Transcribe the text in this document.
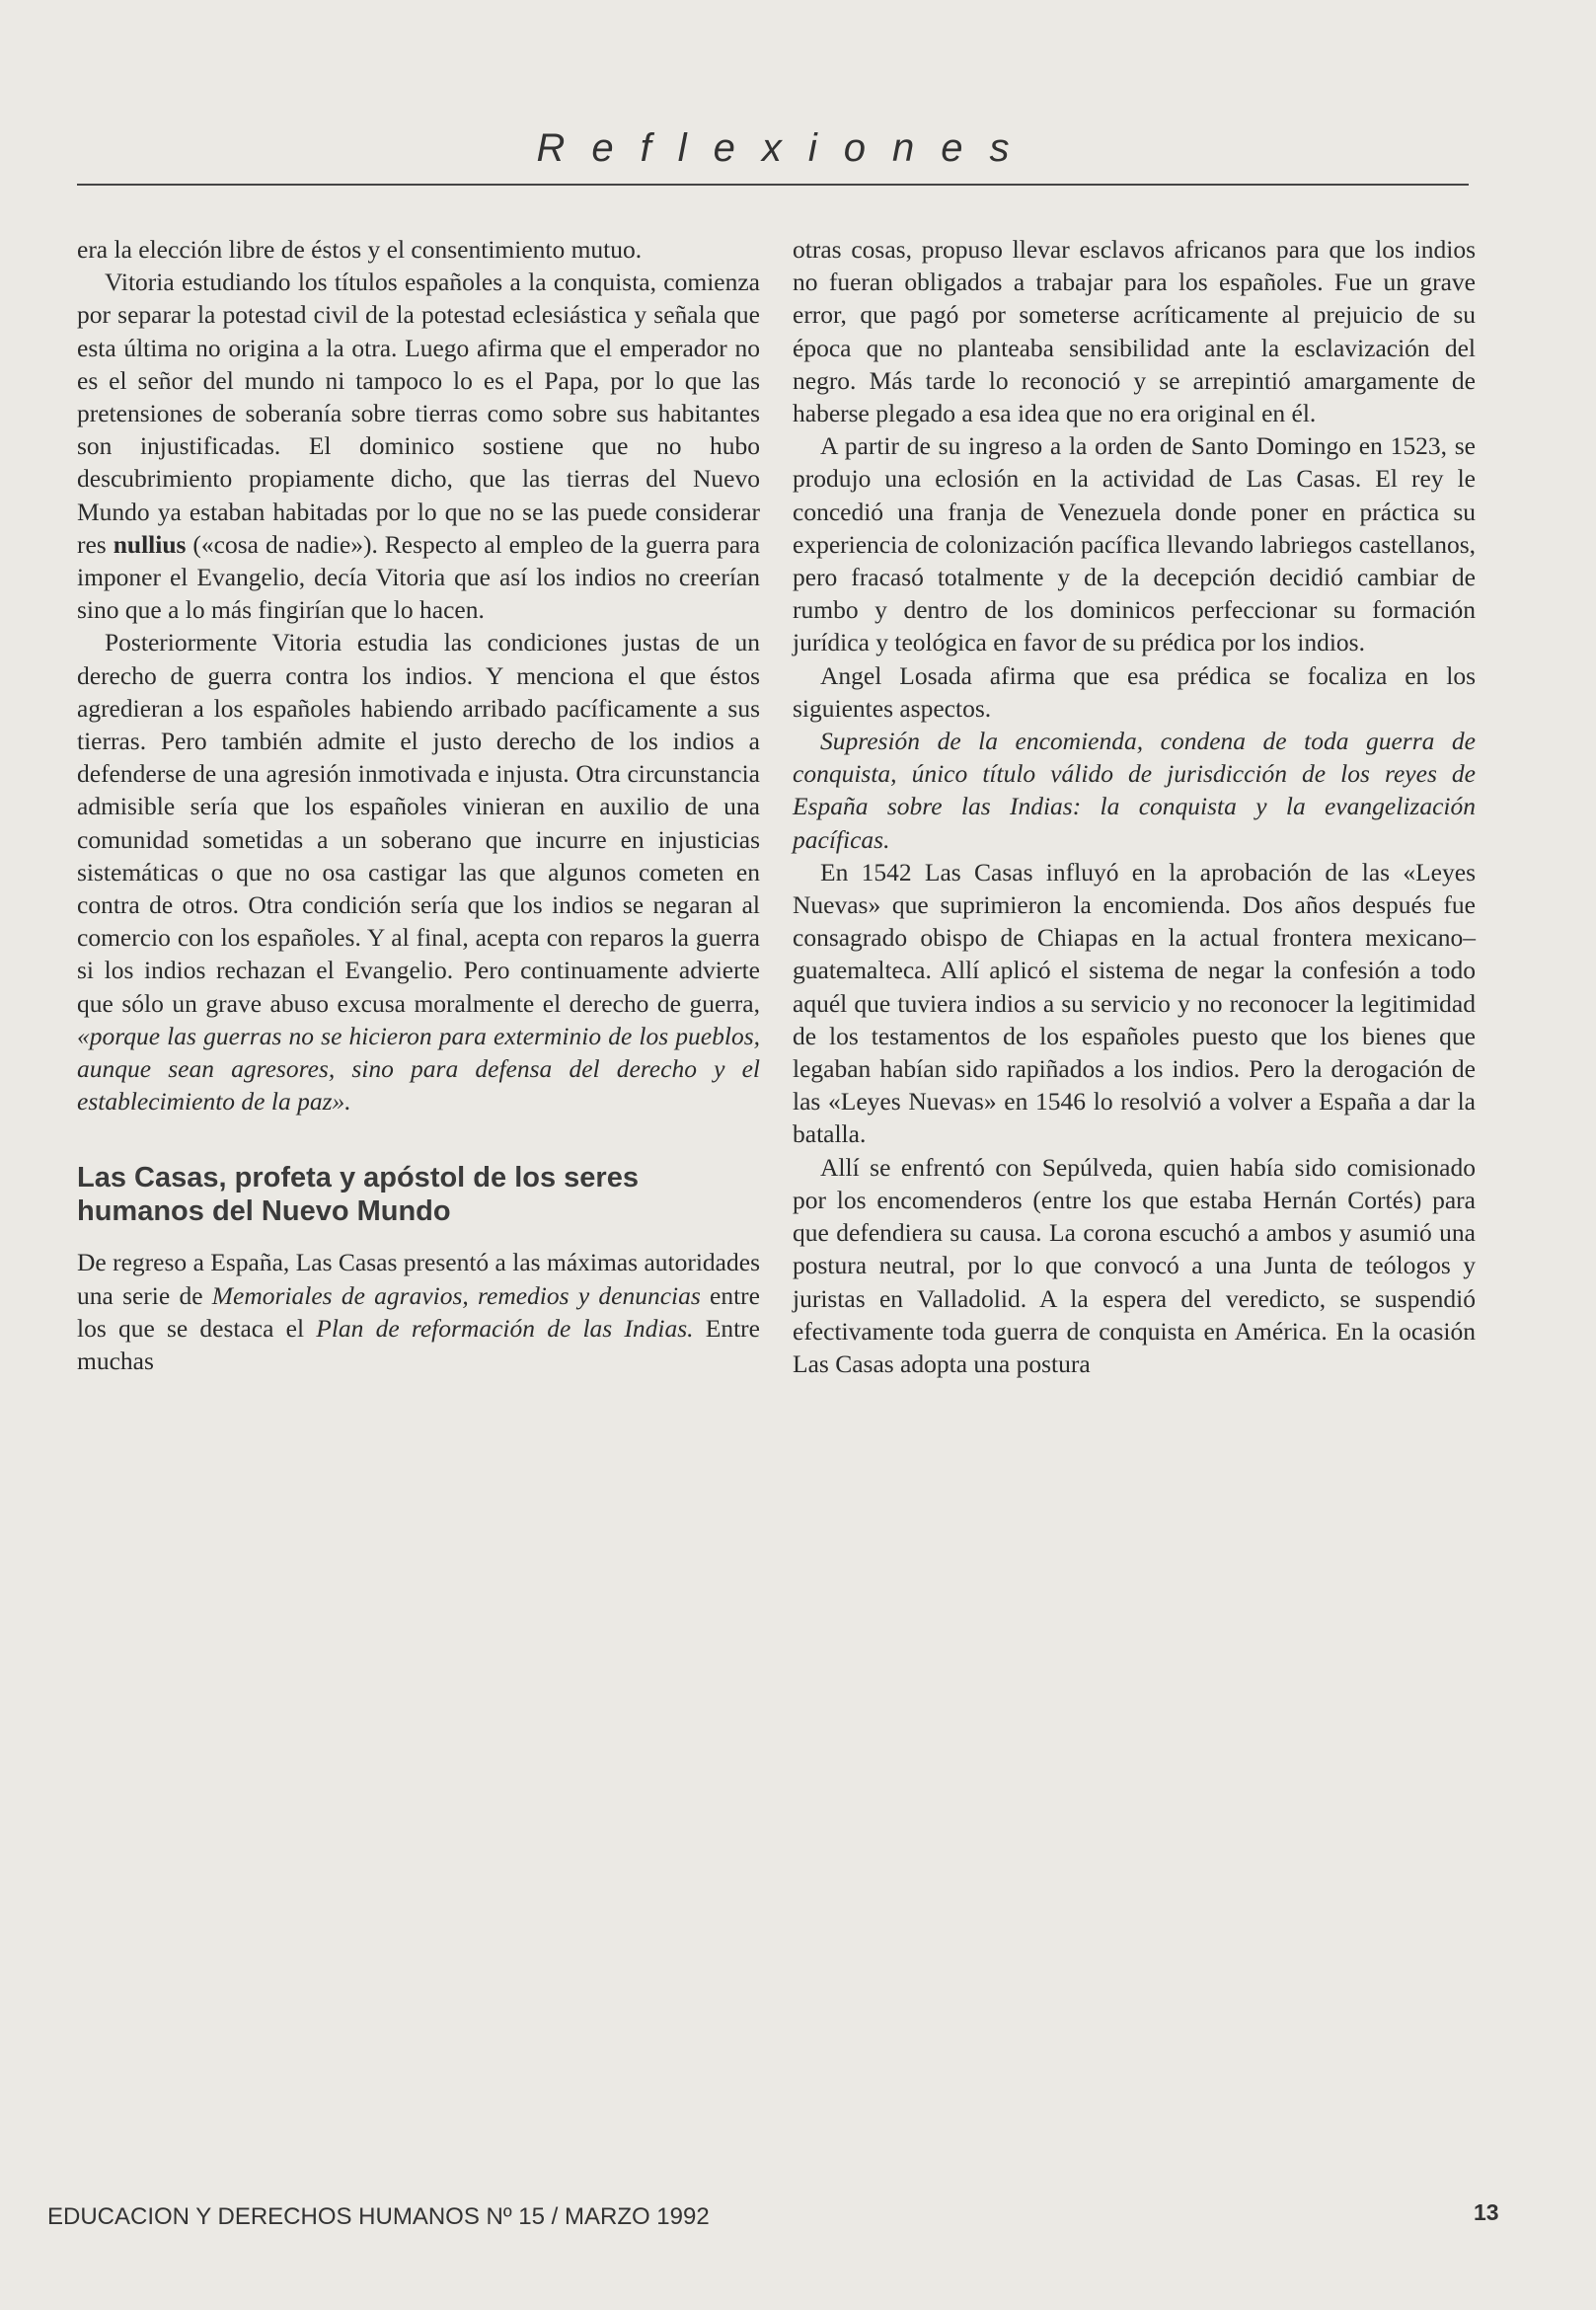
Reflexiones

era la elección libre de éstos y el consentimiento mutuo.

Vitoria estudiando los títulos españoles a la conquista, comienza por separar la potestad civil de la potestad eclesiástica y señala que esta última no origina a la otra. Luego afirma que el emperador no es el señor del mundo ni tampoco lo es el Papa, por lo que las pretensiones de soberanía sobre tierras como sobre sus habitantes son injustificadas. El dominico sostiene que no hubo descubrimiento propiamente dicho, que las tierras del Nuevo Mundo ya estaban habitadas por lo que no se las puede considerar res nullius («cosa de nadie»). Respecto al empleo de la guerra para imponer el Evangelio, decía Vitoria que así los indios no creerían sino que a lo más fingirían que lo hacen.

Posteriormente Vitoria estudia las condiciones justas de un derecho de guerra contra los indios. Y menciona el que éstos agredieran a los españoles habiendo arribado pacíficamente a sus tierras. Pero también admite el justo derecho de los indios a defenderse de una agresión inmotivada e injusta. Otra circunstancia admisible sería que los españoles vinieran en auxilio de una comunidad sometidas a un soberano que incurre en injusticias sistemáticas o que no osa castigar las que algunos cometen en contra de otros. Otra condición sería que los indios se negaran al comercio con los españoles. Y al final, acepta con reparos la guerra si los indios rechazan el Evangelio. Pero continuamente advierte que sólo un grave abuso excusa moralmente el derecho de guerra, «porque las guerras no se hicieron para exterminio de los pueblos, aunque sean agresores, sino para defensa del derecho y el establecimiento de la paz».

Las Casas, profeta y apóstol de los seres humanos del Nuevo Mundo

De regreso a España, Las Casas presentó a las máximas autoridades una serie de Memoriales de agravios, remedios y denuncias entre los que se destaca el Plan de reformación de las Indias. Entre muchas

otras cosas, propuso llevar esclavos africanos para que los indios no fueran obligados a trabajar para los españoles. Fue un grave error, que pagó por someterse acríticamente al prejuicio de su época que no planteaba sensibilidad ante la esclavización del negro. Más tarde lo reconoció y se arrepintió amargamente de haberse plegado a esa idea que no era original en él.

A partir de su ingreso a la orden de Santo Domingo en 1523, se produjo una eclosión en la actividad de Las Casas. El rey le concedió una franja de Venezuela donde poner en práctica su experiencia de colonización pacífica llevando labriegos castellanos, pero fracasó totalmente y de la decepción decidió cambiar de rumbo y dentro de los dominicos perfeccionar su formación jurídica y teológica en favor de su prédica por los indios.

Angel Losada afirma que esa prédica se focaliza en los siguientes aspectos.

Supresión de la encomienda, condena de toda guerra de conquista, único título válido de jurisdicción de los reyes de España sobre las Indias: la conquista y la evangelización pacíficas.

En 1542 Las Casas influyó en la aprobación de las «Leyes Nuevas» que suprimieron la encomienda. Dos años después fue consagrado obispo de Chiapas en la actual frontera mexicano–guatemalteca. Allí aplicó el sistema de negar la confesión a todo aquél que tuviera indios a su servicio y no reconocer la legitimidad de los testamentos de los españoles puesto que los bienes que legaban habían sido rapiñados a los indios. Pero la derogación de las «Leyes Nuevas» en 1546 lo resolvió a volver a España a dar la batalla.

Allí se enfrentó con Sepúlveda, quien había sido comisionado por los encomenderos (entre los que estaba Hernán Cortés) para que defendiera su causa. La corona escuchó a ambos y asumió una postura neutral, por lo que convocó a una Junta de teólogos y juristas en Valladolid. A la espera del veredicto, se suspendió efectivamente toda guerra de conquista en América. En la ocasión Las Casas adopta una postura

EDUCACION Y DERECHOS HUMANOS Nº 15 / MARZO 1992	13
